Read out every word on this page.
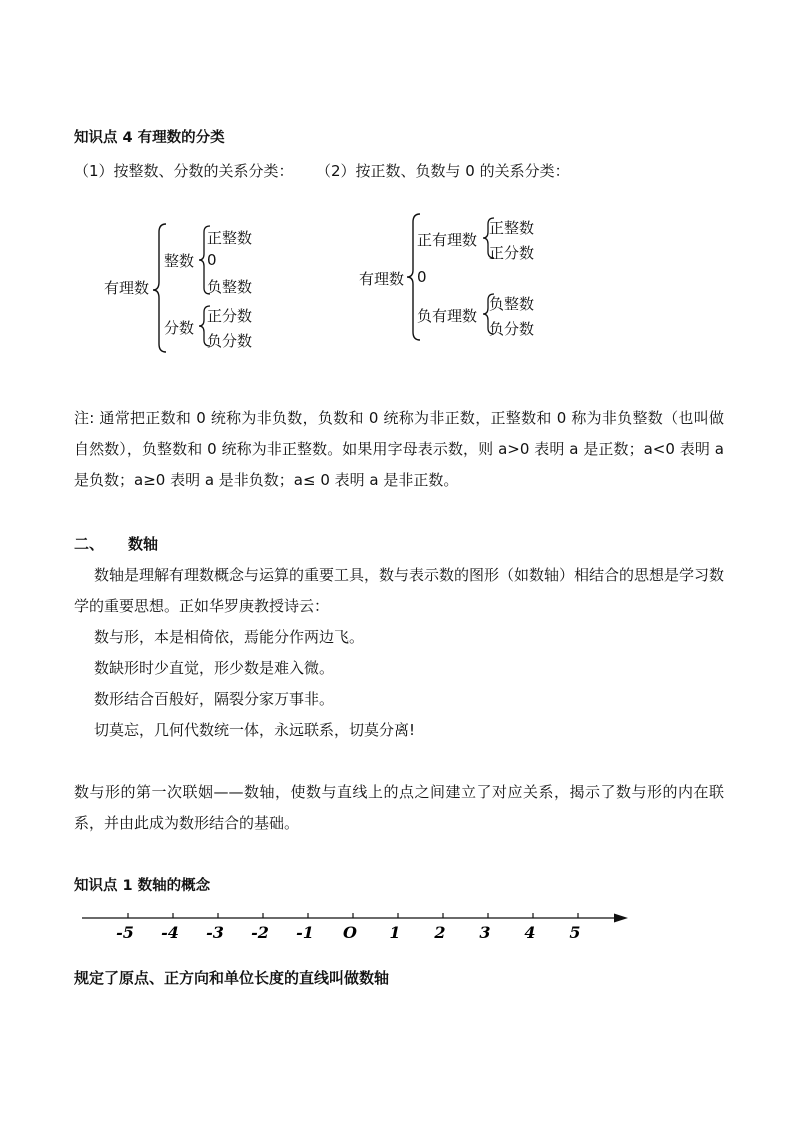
知识点 4 有理数的分类
（1）按整数、分数的关系分类： （2）按正数、负数与 0 的关系分类：
有理数
整数
正整数
0
负整数
分数
正分数
负分数
有理数
正有理数
正整数
正分数
0
负有理数
负整数
负分数
注: 通常把正数和 0 统称为非负数，负数和 0 统称为非正数，正整数和 0 称为非负整数（也叫做自然数），负整数和 0 统称为非正整数。如果用字母表示数，则 a>0 表明 a 是正数；a<0 表明 a 是负数；a≥0 表明 a 是非负数；a≤ 0 表明 a 是非正数。
二、 数轴
数轴是理解有理数概念与运算的重要工具，数与表示数的图形（如数轴）相结合的思想是学习数学的重要思想。正如华罗庚教授诗云：
数与形，本是相倚依，焉能分作两边飞。
数缺形时少直觉，形少数是难入微。
数形结合百般好，隔裂分家万事非。
切莫忘，几何代数统一体，永远联系，切莫分离!
数与形的第一次联姻——数轴，使数与直线上的点之间建立了对应关系，揭示了数与形的内在联系，并由此成为数形结合的基础。
知识点 1 数轴的概念
-5 -4 -3 -2 -1 O 1 2 3 4 5
规定了原点、正方向和单位长度的直线叫做数轴
